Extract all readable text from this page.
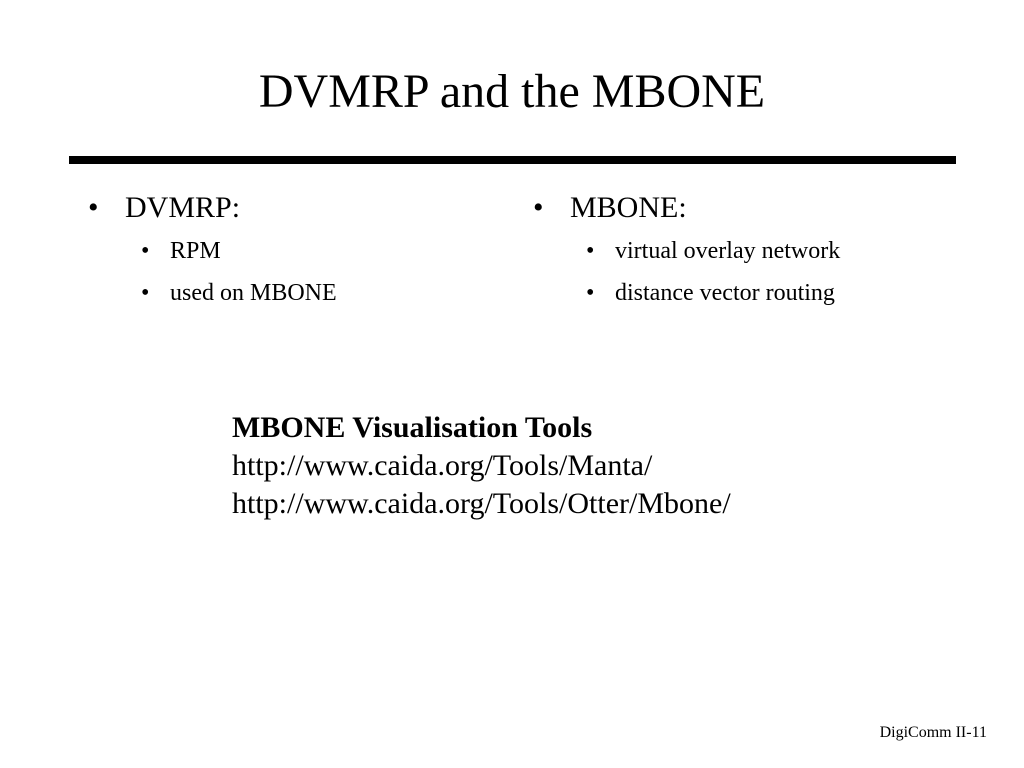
DVMRP and the MBONE
• DVMRP:
• RPM
• used on MBONE
• MBONE:
• virtual overlay network
• distance vector routing
MBONE Visualisation Tools
http://www.caida.org/Tools/Manta/
http://www.caida.org/Tools/Otter/Mbone/
DigiComm II-11
